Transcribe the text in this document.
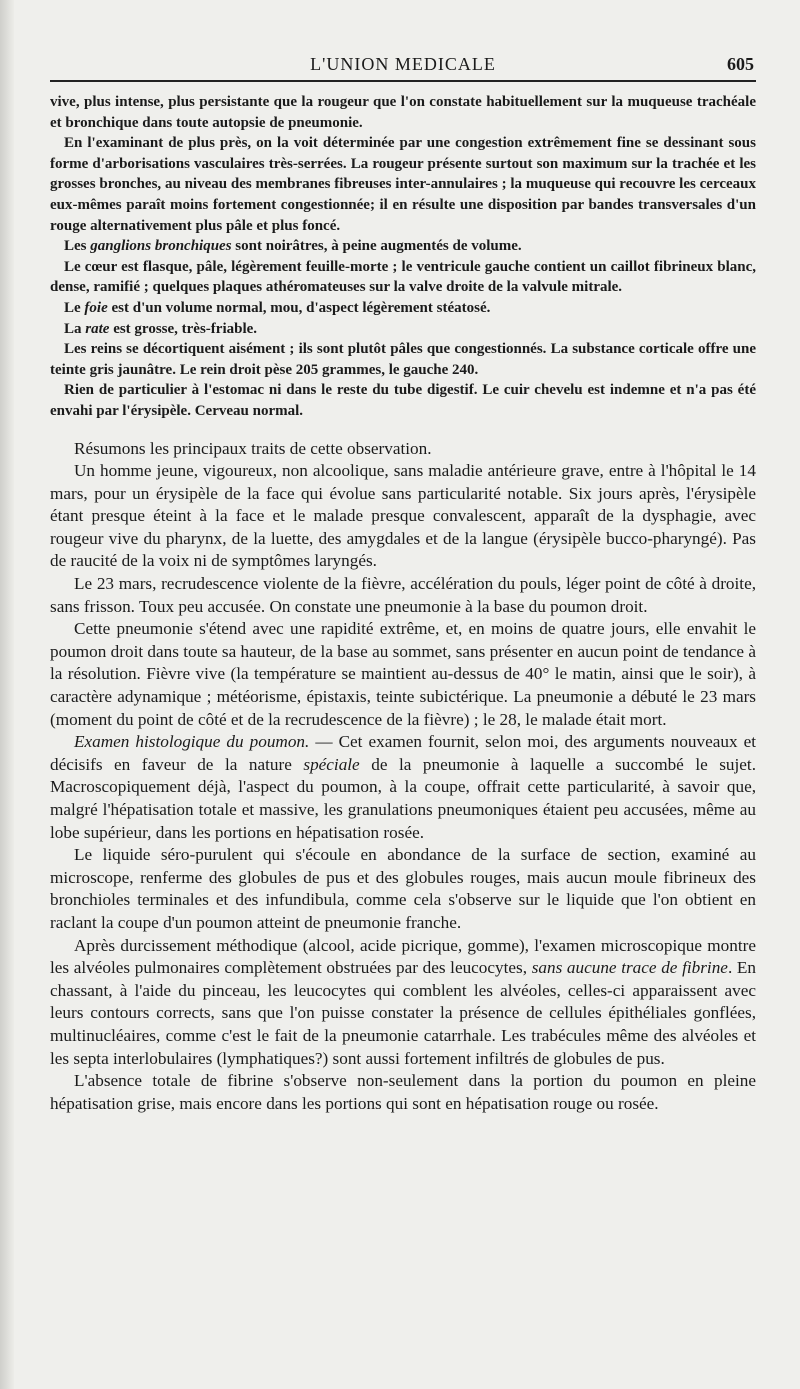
L'UNION MEDICALE	605

vive, plus intense, plus persistante que la rougeur que l'on constate habituellement sur la muqueuse trachéale et bronchique dans toute autopsie de pneumonie.

En l'examinant de plus près, on la voit déterminée par une congestion extrêmement fine se dessinant sous forme d'arborisations vasculaires très-serrées. La rougeur présente surtout son maximum sur la trachée et les grosses bronches, au niveau des membranes fibreuses inter-annulaires ; la muqueuse qui recouvre les cerceaux eux-mêmes paraît moins fortement congestionnée; il en résulte une disposition par bandes transversales d'un rouge alternativement plus pâle et plus foncé.

Les ganglions bronchiques sont noirâtres, à peine augmentés de volume.

Le cœur est flasque, pâle, légèrement feuille-morte ; le ventricule gauche contient un caillot fibrineux blanc, dense, ramifié ; quelques plaques athéromateuses sur la valve droite de la valvule mitrale.

Le foie est d'un volume normal, mou, d'aspect légèrement stéatosé.

La rate est grosse, très-friable.

Les reins se décortiquent aisément ; ils sont plutôt pâles que congestionnés. La substance corticale offre une teinte gris jaunâtre. Le rein droit pèse 205 grammes, le gauche 240.

Rien de particulier à l'estomac ni dans le reste du tube digestif. Le cuir chevelu est indemne et n'a pas été envahi par l'érysipèle. Cerveau normal.

Résumons les principaux traits de cette observation.

Un homme jeune, vigoureux, non alcoolique, sans maladie antérieure grave, entre à l'hôpital le 14 mars, pour un érysipèle de la face qui évolue sans particularité notable. Six jours après, l'érysipèle étant presque éteint à la face et le malade presque convalescent, apparaît de la dysphagie, avec rougeur vive du pharynx, de la luette, des amygdales et de la langue (érysipèle bucco-pharyngé). Pas de raucité de la voix ni de symptômes laryngés.

Le 23 mars, recrudescence violente de la fièvre, accélération du pouls, léger point de côté à droite, sans frisson. Toux peu accusée. On constate une pneumonie à la base du poumon droit.

Cette pneumonie s'étend avec une rapidité extrême, et, en moins de quatre jours, elle envahit le poumon droit dans toute sa hauteur, de la base au sommet, sans présenter en aucun point de tendance à la résolution. Fièvre vive (la température se maintient au-dessus de 40° le matin, ainsi que le soir), à caractère adynamique ; météorisme, épistaxis, teinte subictérique. La pneumonie a débuté le 23 mars (moment du point de côté et de la recrudescence de la fièvre) ; le 28, le malade était mort.

Examen histologique du poumon. — Cet examen fournit, selon moi, des arguments nouveaux et décisifs en faveur de la nature spéciale de la pneumonie à laquelle a succombé le sujet. Macroscopiquement déjà, l'aspect du poumon, à la coupe, offrait cette particularité, à savoir que, malgré l'hépatisation totale et massive, les granulations pneumoniques étaient peu accusées, même au lobe supérieur, dans les portions en hépatisation rosée.

Le liquide séro-purulent qui s'écoule en abondance de la surface de section, examiné au microscope, renferme des globules de pus et des globules rouges, mais aucun moule fibrineux des bronchioles terminales et des infundibula, comme cela s'observe sur le liquide que l'on obtient en raclant la coupe d'un poumon atteint de pneumonie franche.

Après durcissement méthodique (alcool, acide picrique, gomme), l'examen microscopique montre les alvéoles pulmonaires complètement obstruées par des leucocytes, sans aucune trace de fibrine. En chassant, à l'aide du pinceau, les leucocytes qui comblent les alvéoles, celles-ci apparaissent avec leurs contours corrects, sans que l'on puisse constater la présence de cellules épithéliales gonflées, multinucléaires, comme c'est le fait de la pneumonie catarrhale. Les trabécules même des alvéoles et les septa interlobulaires (lymphatiques?) sont aussi fortement infiltrés de globules de pus.

L'absence totale de fibrine s'observe non-seulement dans la portion du poumon en pleine hépatisation grise, mais encore dans les portions qui sont en hépatisation rouge ou rosée.
